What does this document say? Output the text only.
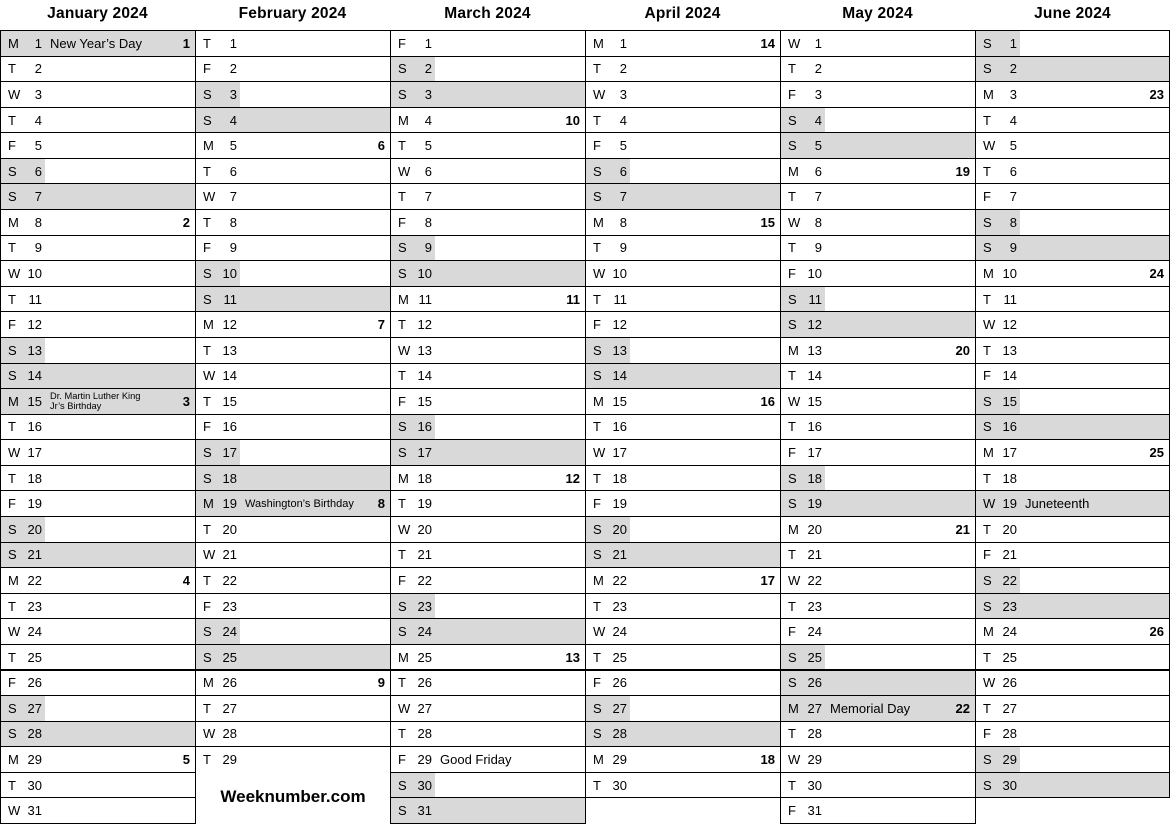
January 2024
M	1 New Year’s Day	1
T	2
W	3
T	4
F	5
S	6
S	7
M	8	2
T	9
W 10
T 11
F 12
S 13
S 14
M 15 Dr. Martin Luther King Jr’s Birthday	3
T 16
W 17
T 18
F 19
S 20
S 21
M 22	4
T 23
W 24
T 25
F 26
S 27
S 28
M 29	5
T 30
W 31
February 2024
T	1
F	2
S	3
S	4
M	5	6
T	6
W	7
T	8
F	9
S 10
S 11
M 12	7
T 13
W 14
T 15
F 16
S 17
S 18
M 19 Washington’s Birthday 8
T 20
W 21
T 22
F 23
S 24
S 25
M 26	9
T 27
W 28
T 29
March 2024
F	1
S	2
S	3
M	4	10
T	5
W	6
T	7
F	8
S	9
S 10
M 11	11
T 12
W 13
T 14
F 15
S 16
S 17
M 18	12
T 19
W 20
T 21
F 22
S 23
S 24
M 25	13
T 26
W 27
T 28
F 29 Good Friday
S 30
S 31
April 2024
M	1	14
T	2
W	3
T	4
F	5
S	6
S	7
M	8	15
T	9
W 10
T 11
F 12
S 13
S 14
M 15	16
T 16
W 17
T 18
F 19
S 20
S 21
M 22	17
T 23
W 24
T 25
F 26
S 27
S 28
M 29	18
T 30
May 2024
W	1
T	2
F	3
S	4
S	5
M	6	19
T	7
W	8
T	9
F 10
S 11
S 12
M 13	20
T 14
W 15
T 16
F 17
S 18
S 19
M 20	21
T 21
W 22
T 23
F 24
S 25
S 26
M 27 Memorial Day	22
T 28
W 29
T 30
F 31
June 2024
S	1
S	2
M	3	23
T	4
W	5
T	6
F	7
S	8
S	9
M 10	24
T 11
W 12
T 13
F 14
S 15
S 16
M 17	25
T 18
W 19 Juneteenth
T 20
F 21
S 22
S 23
M 24	26
T 25
W 26
T 27
F 28
S 29
S 30
Weeknumber.com
